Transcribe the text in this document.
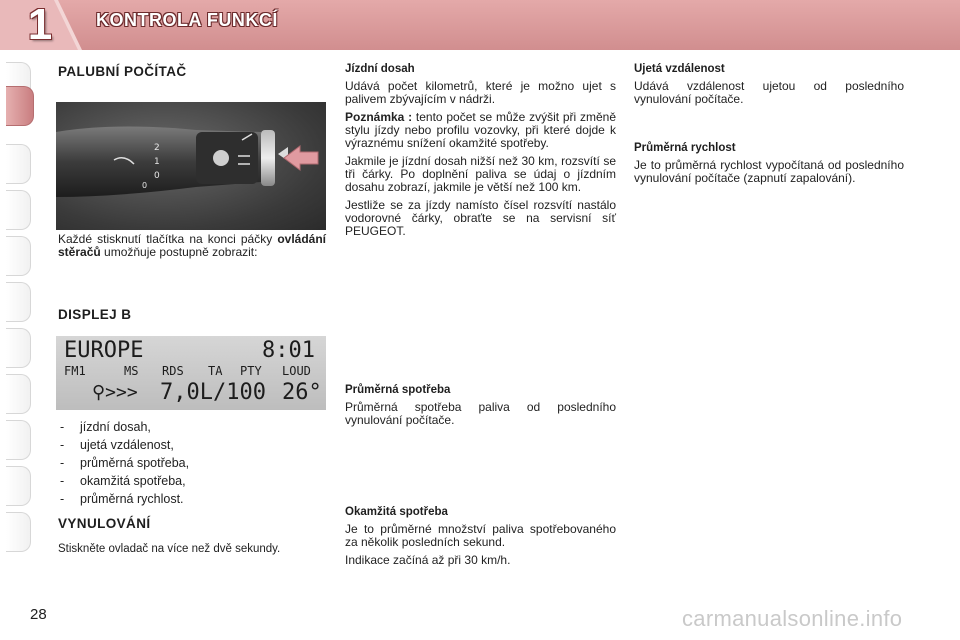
1 KONTROLA FUNKCÍ
PALUBNÍ POČÍTAČ
2
1
0
0

Každé stisknutí tlačítka na konci páčky ovládání stěračů umožňuje postupně zobrazit:

DISPLEJ B
EUROPE	8:01
FM1	MS RDS TA PTY LOUD
⚲>>> 7,0L/100 26°
- jízdní dosah,
- ujetá vzdálenost,
- průměrná spotřeba,
- okamžitá spotřeba,
- průměrná rychlost.
VYNULOVÁNÍ
Stiskněte ovladač na více než dvě sekundy.
Jízdní dosah

Udává počet kilometrů, které je možno ujet s palivem zbývajícím v nádrži.

Poznámka : tento počet se může zvýšit při změně stylu jízdy nebo profilu vozovky, při které dojde k výraznému snížení okamžité spotřeby.

Jakmile je jízdní dosah nižší než 30 km, rozsvítí se tři čárky. Po doplnění paliva se údaj o jízdním dosahu zobrazí, jakmile je větší než 100 km.

Jestliže se za jízdy namísto čísel rozsvítí nastálo vodorovné čárky, obraťte se na servisní síť PEUGEOT.

Průměrná spotřeba

Průměrná spotřeba paliva od posledního vynulování počítače.

Okamžitá spotřeba

Je to průměrné množství paliva spotřebovaného za několik posledních sekund.

Indikace začíná až při 30 km/h.

Ujetá vzdálenost

Udává vzdálenost ujetou od posledního vynulování počítače.

Průměrná rychlost

Je to průměrná rychlost vypočítaná od posledního vynulování počítače (zapnutí zapalování).

28	carmanualsonline.info
